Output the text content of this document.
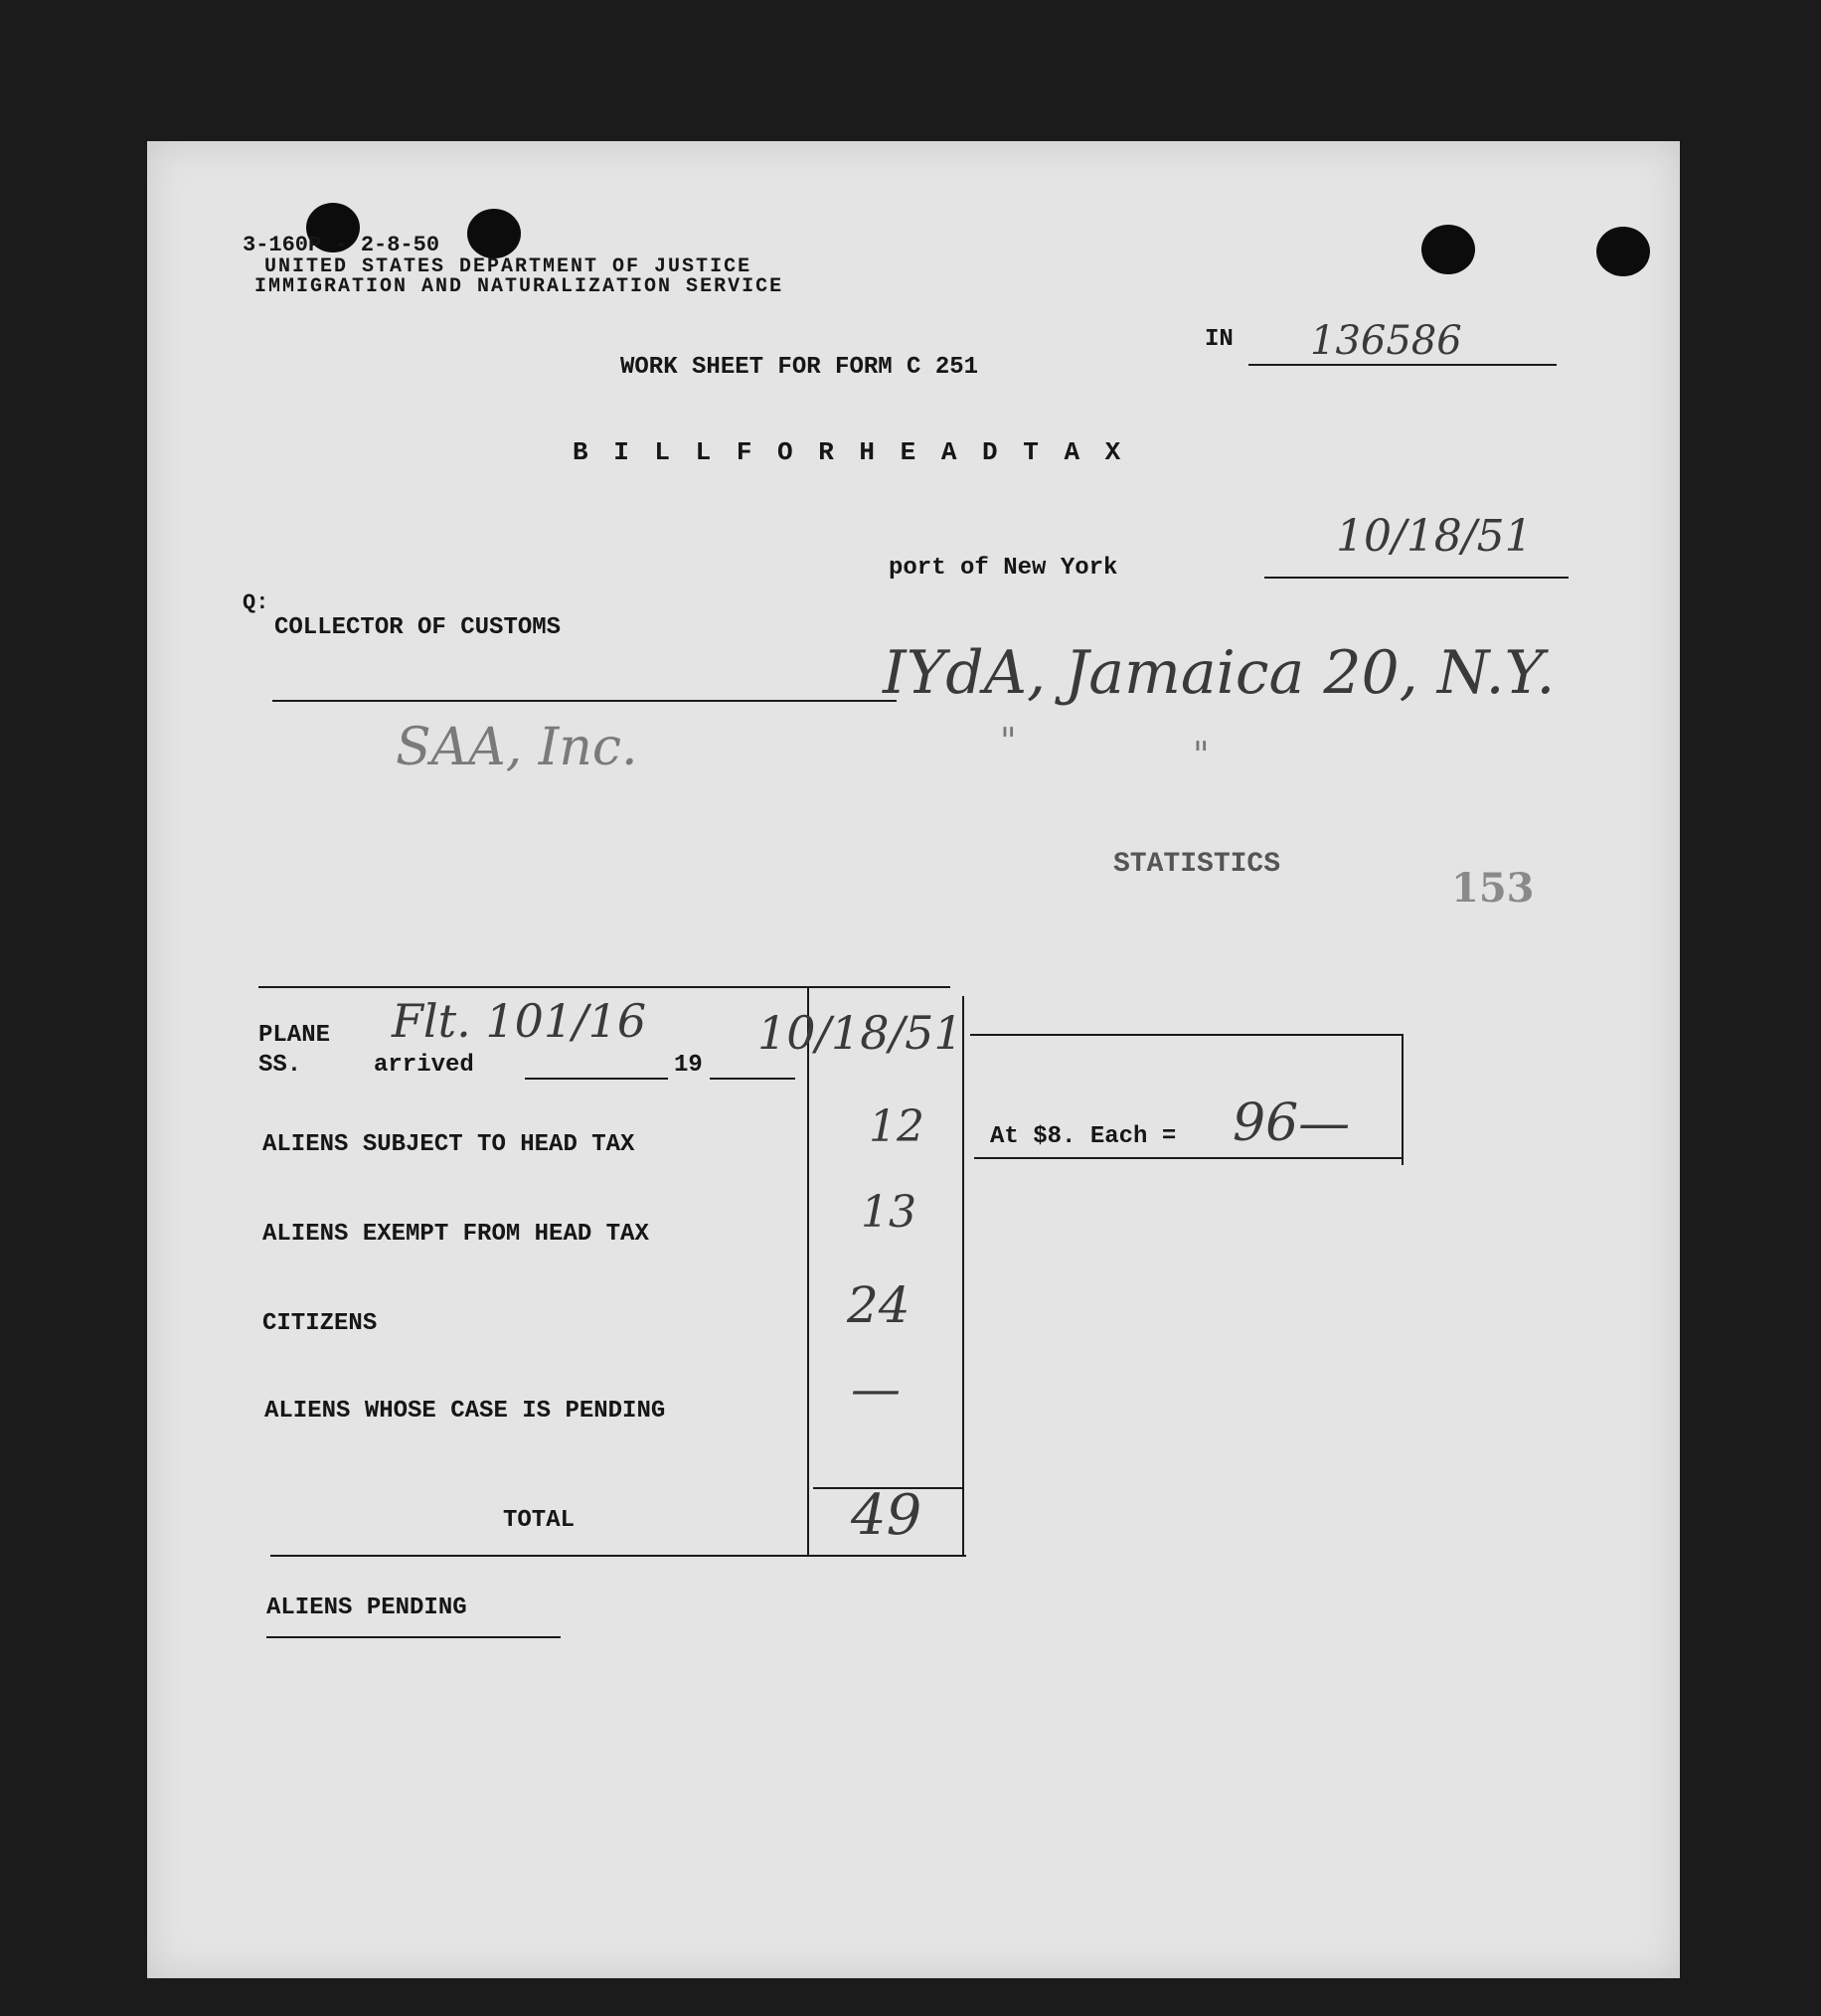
3-160P - 2-8-50
UNITED STATES DEPARTMENT OF JUSTICE
IMMIGRATION AND NATURALIZATION SERVICE
IN 136586
WORK SHEET FOR FORM C 251
B I L L F O R H E A D T A X
port of New York
10/18/51
Q:
COLLECTOR OF CUSTOMS
IYdA, Jamaica 20, N.Y.
SAA, Inc.	"	"
STATISTICS
153
PLANE
SS.	arrived	19
Flt. 101/16 10/18/51
ALIENS SUBJECT TO HEAD TAX	12
ALIENS EXEMPT FROM HEAD TAX	13
CITIZENS	24
ALIENS WHOSE CASE IS PENDING	—
TOTAL	49
At $8. Each = 96—
ALIENS PENDING
